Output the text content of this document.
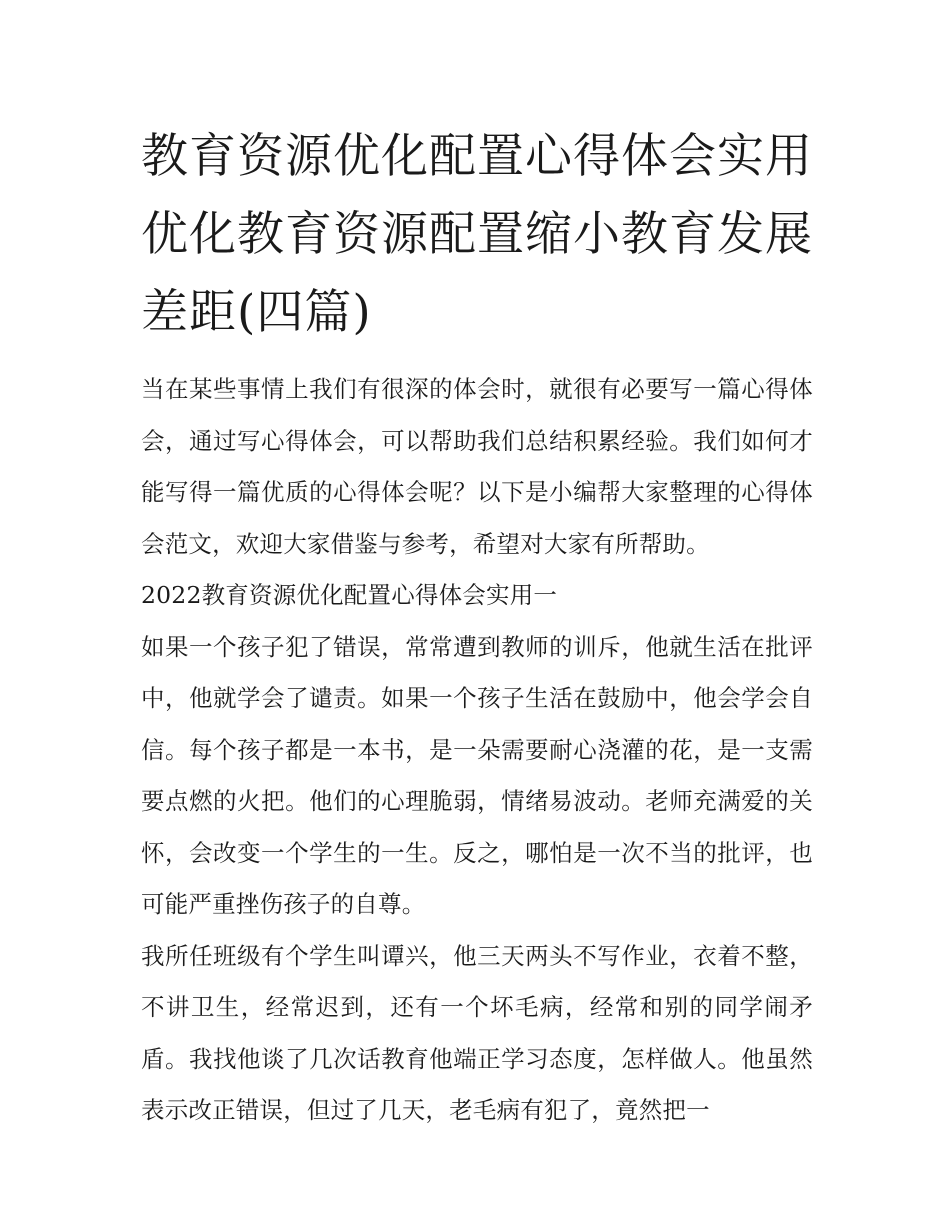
教育资源优化配置心得体会实用 优化教育资源配置缩小教育发展差距(四篇)

当在某些事情上我们有很深的体会时，就很有必要写一篇心得体会，通过写心得体会，可以帮助我们总结积累经验。我们如何才能写得一篇优质的心得体会呢？以下是小编帮大家整理的心得体会范文，欢迎大家借鉴与参考，希望对大家有所帮助。

2022教育资源优化配置心得体会实用一

如果一个孩子犯了错误，常常遭到教师的训斥，他就生活在批评中，他就学会了谴责。如果一个孩子生活在鼓励中，他会学会自信。每个孩子都是一本书，是一朵需要耐心浇灌的花，是一支需要点燃的火把。他们的心理脆弱，情绪易波动。老师充满爱的关怀，会改变一个学生的一生。反之，哪怕是一次不当的批评，也可能严重挫伤孩子的自尊。

我所任班级有个学生叫谭兴，他三天两头不写作业，衣着不整，不讲卫生，经常迟到，还有一个坏毛病，经常和别的同学闹矛盾。我找他谈了几次话教育他端正学习态度，怎样做人。他虽然表示改正错误，但过了几天，老毛病有犯了，竟然把一
